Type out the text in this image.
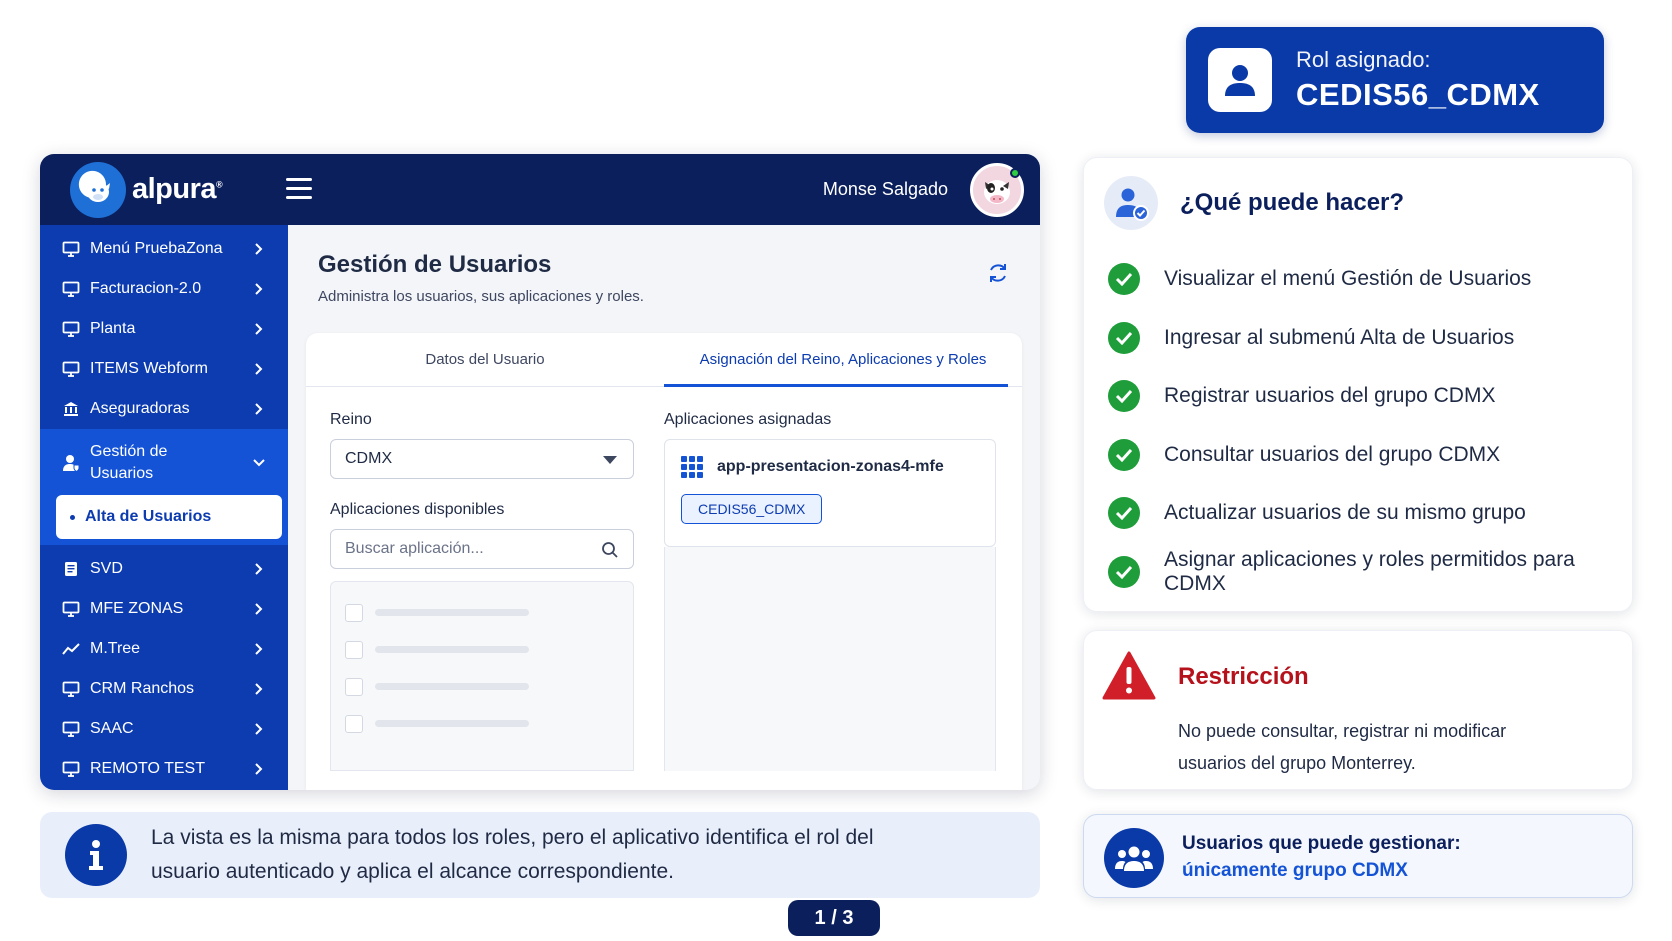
Rol asignado:
CEDIS56_CDMX
alpura®	Monse Salgado
Menú PruebaZona
Facturacion-2.0
Planta
ITEMS Webform
Aseguradoras
Gestión de
Usuarios
Alta de Usuarios
SVD
MFE ZONAS
M.Tree
CRM Ranchos
SAAC
REMOTO TEST
Gestión de Usuarios
Administra los usuarios, sus aplicaciones y roles.
Datos del Usuario	Asignación del Reino, Aplicaciones y Roles
Reino
CDMX
Aplicaciones disponibles
Buscar aplicación...
Aplicaciones asignadas
app-presentacion-zonas4-mfe
CEDIS56_CDMX
La vista es la misma para todos los roles, pero el aplicativo identifica el rol del
usuario autenticado y aplica el alcance correspondiente.
1 / 3
¿Qué puede hacer?
Visualizar el menú Gestión de Usuarios
Ingresar al submenú Alta de Usuarios
Registrar usuarios del grupo CDMX
Consultar usuarios del grupo CDMX
Actualizar usuarios de su mismo grupo
Asignar aplicaciones y roles permitidos para CDMX
Restricción
No puede consultar, registrar ni modificar
usuarios del grupo Monterrey.
Usuarios que puede gestionar:
únicamente grupo CDMX
